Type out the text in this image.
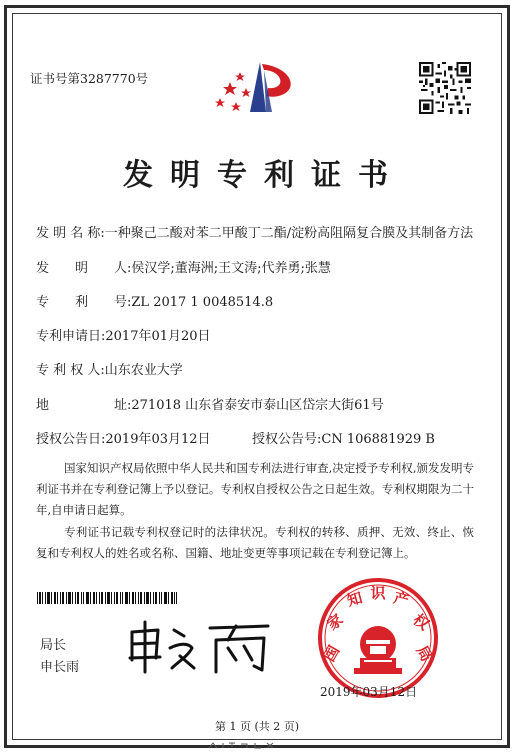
证书号第3287770号
发明专利证书
发 明 名 称:一种聚己二酸对苯二甲酸丁二酯/淀粉高阻隔复合膜及其制备方法
发　　明　　人:侯汉学;董海洲;王文涛;代养勇;张慧
专　　利　　号:ZL 2017 1 0048514.8
专利申请日:2017年01月20日
专 利 权 人:山东农业大学
地　　　　　址:271018 山东省泰安市泰山区岱宗大街61号
授权公告日:2019年03月12日	授权公告号:CN 106881929 B
国家知识产权局依照中华人民共和国专利法进行审查,决定授予专利权,颁发发明专利证书并在专利登记簿上予以登记。专利权自授权公告之日起生效。专利权期限为二十年,自申请日起算。
专利证书记载专利权登记时的法律状况。专利权的转移、质押、无效、终止、恢复和专利权人的姓名或名称、国籍、地址变更等事项记载在专利登记簿上。
局长
申长雨
国
家
知 识 产
权
局
2019年03月12日
第 1 页 (共 2 页)
